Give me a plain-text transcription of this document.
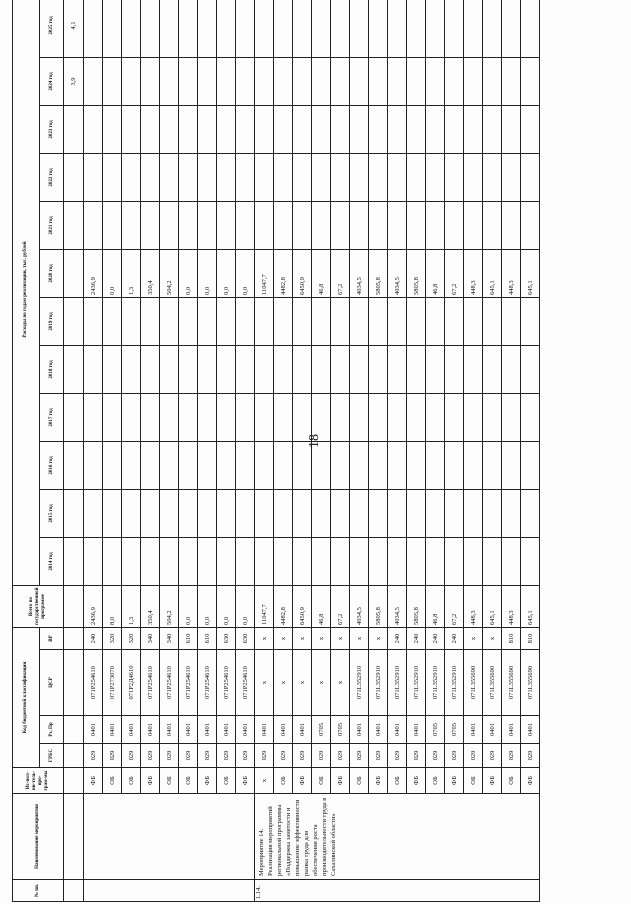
18
№ пп.	Наименование мероприятия	Ис-пол-ни-тель-про-грам-мы	Код бюджетной классификации				Всего по государственной программе	Расходы по годам реализации, тыс. рублей											
			ГРБС	Рз, Пр	ЦСР	ВР		2014 год	2015 год	2016 год	2017 год	2018 год	2019 год	2020 год	2021 год	2022 год	2023 год	2024 год	2025 год

																		3,9	4,1
		ФБ	029	0401	071P254610	240	2436,9							2436,9					
		ОБ	029	0401	071P273070	320	8,0							0,0					
		ОБ	029	0401	071P2Д4610	320	1,3							1,3					
		ФБ	029	0401	071P254610	340	350,4							350,4					
		ОБ	029	0401	071P254610	340	504,2							504,2					
		ОБ	029	0401	071P254610	610	0,0							0,0					
		ФБ	029	0401	071P254610	610	0,0							0,0					
		ОБ	029	0401	071P254610	630	0,0							0,0					
		ФБ	029	0401	071P254610	630	0,0							0,0					
1.14.	Мероприятие 14. Реализация мероприятий региональной программы «Поддержка занятости и повышение эффективности рынка труда для обеспечения роста производительности труда в Сахалинской области»	х	029	0401	х	х	11047,7							11047,7					
		ОБ	029	0401	х	х	4482,8							4482,8					
		ФБ	029	0401	х	х	6450,9							6450,9					
		ОБ	029	0705	х	х	46,8							46,8					
		ФБ	029	0705	х	х	67,2							67,2					
		ОБ	029	0401	071L352910	х	4034,5							4034,5					
		ФБ	029	0401	071L352910	х	5805,8							5805,8					
		ОБ	029	0401	071L352910	240	4034,5							4034,5					
		ФБ	029	0401	071L352910	240	5805,8							5805,8					
		ОБ	029	0705	071L352910	240	46,8							46,8					
		ФБ	029	0705	071L352910	240	67,2							67,2					
		ОБ	029	0401	071L355690	х	448,3							448,3					
		ФБ	029	0401	071L355690	х	645,1							645,1					
		ОБ	029	0401	071L355690	810	448,3							448,3					
		ФБ	029	0401	071L355690	810	645,1							645,1					
